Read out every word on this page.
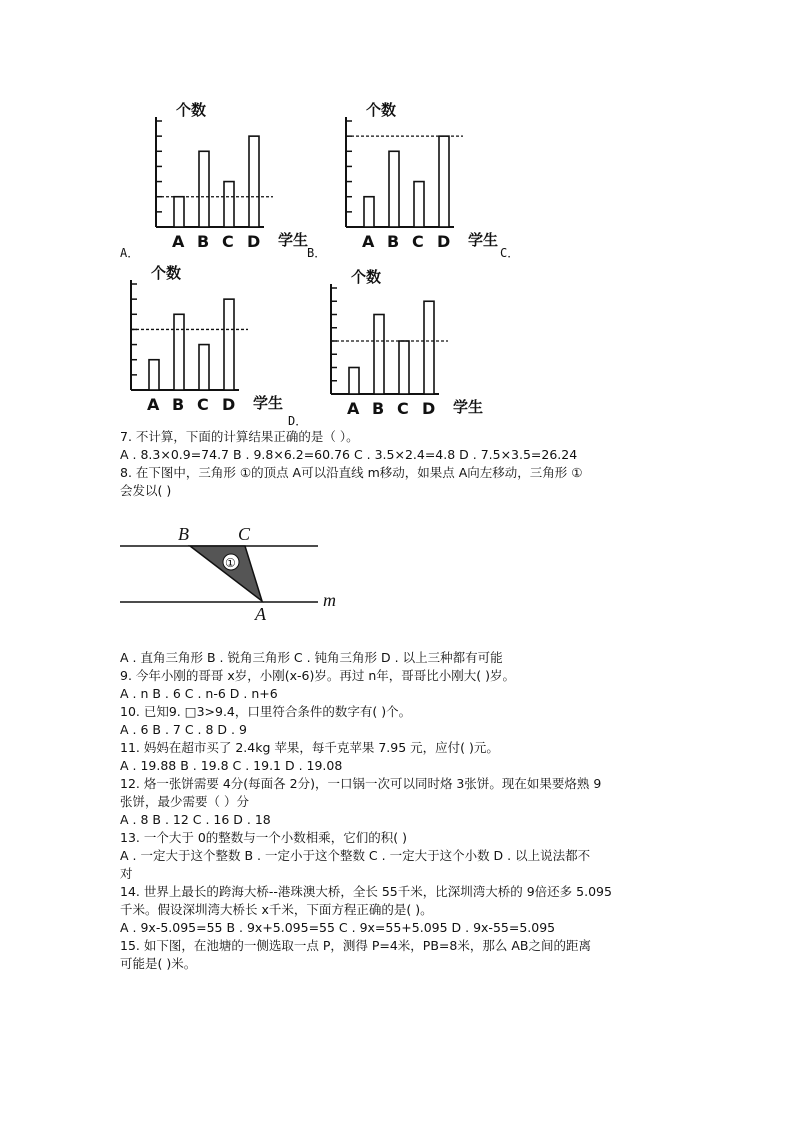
A．	B．	C．
D．
个数
A B C D 学生
个数
A B C D 学生
个数
A B C D 学生
个数
A B C D 学生
7. 不计算，下面的计算结果正确的是（ ）。
A . 8.3×0.9=74.7 B . 9.8×6.2=60.76 C . 3.5×2.4=4.8 D . 7.5×3.5=26.24
8. 在下图中，三角形 ①的顶点 A可以沿直线 m移动，如果点 A向左移动，三角形 ①
会发以( )
①
B	C
A
m
A . 直角三角形 B . 锐角三角形 C . 钝角三角形 D . 以上三种都有可能
9. 今年小刚的哥哥 x岁，小刚(x-6)岁。再过 n年，哥哥比小刚大( )岁。
A . n B . 6 C . n-6 D . n+6
10. 已知9. □3>9.4，口里符合条件的数字有( )个。
A . 6 B . 7 C . 8 D . 9
11. 妈妈在超市买了 2.4kg 苹果，每千克苹果 7.95 元，应付( )元。
A . 19.88 B . 19.8 C . 19.1 D . 19.08
12. 烙一张饼需要 4分(每面各 2分)，一口锅一次可以同时烙 3张饼。现在如果要烙熟 9
张饼，最少需要（ ）分
A . 8 B . 12 C . 16 D . 18
13. 一个大于 0的整数与一个小数相乘，它们的积( )
A . 一定大于这个整数 B . 一定小于这个整数 C . 一定大于这个小数 D . 以上说法都不
对
14. 世界上最长的跨海大桥--港珠澳大桥，全长 55千米，比深圳湾大桥的 9倍还多 5.095
千米。假设深圳湾大桥长 x千米，下面方程正确的是( )。
A . 9x-5.095=55 B . 9x+5.095=55 C . 9x=55+5.095 D . 9x-55=5.095
15. 如下图，在池塘的一侧选取一点 P，测得 P=4米，PB=8米，那么 AB之间的距离
可能是( )米。
